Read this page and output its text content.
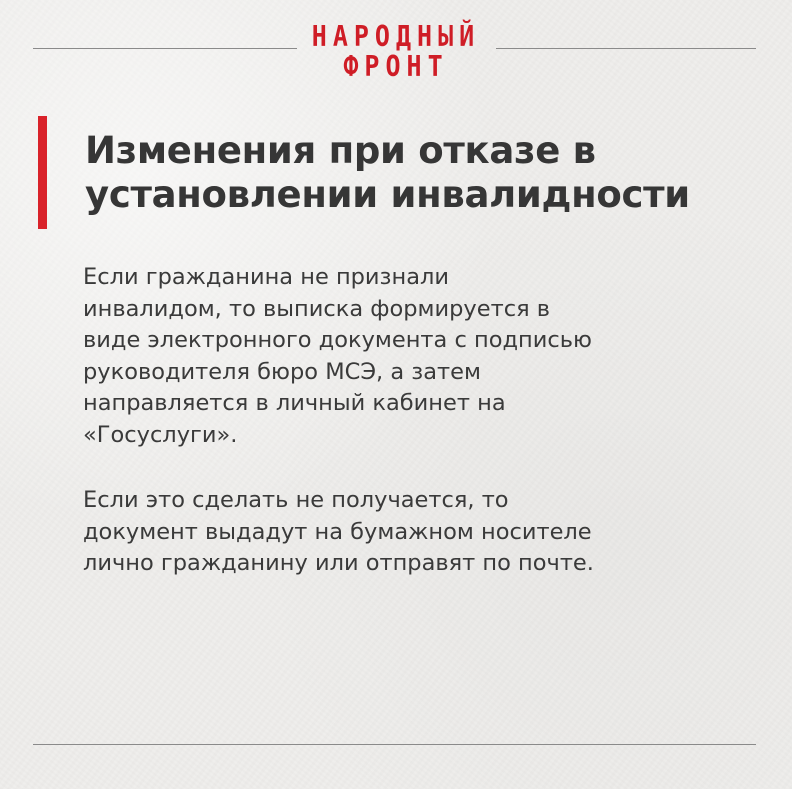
НАРОДНЫЙ
ФРОНТ
Изменения при отказе в установлении инвалидности

Если гражданина не признали
инвалидом, то выписка формируется в
виде электронного документа с подписью
руководителя бюро МСЭ, а затем
направляется в личный кабинет на
«Госуслуги».

Если это сделать не получается, то
документ выдадут на бумажном носителе
лично гражданину или отправят по почте.
